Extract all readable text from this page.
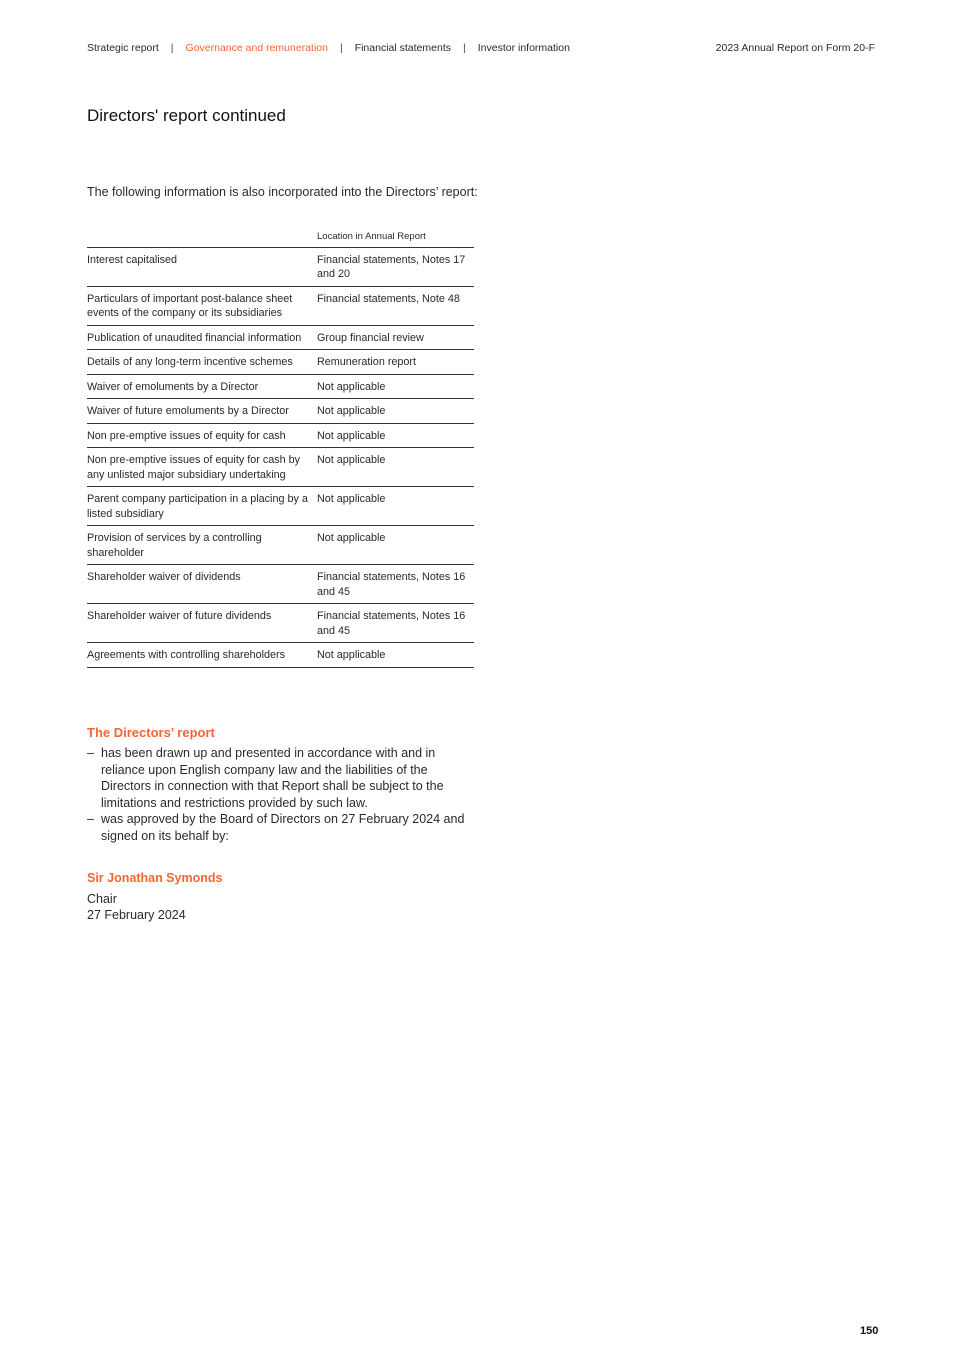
Strategic report | Governance and remuneration | Financial statements | Investor information	2023 Annual Report on Form 20-F
Directors' report continued

The following information is also incorporated into the Directors’ report:

	Location in Annual Report
Interest capitalised	Financial statements, Notes 17 and 20
Particulars of important post-balance sheet events of the company or its subsidiaries	Financial statements, Note 48
Publication of unaudited financial information	Group financial review
Details of any long-term incentive schemes	Remuneration report
Waiver of emoluments by a Director	Not applicable
Waiver of future emoluments by a Director	Not applicable
Non pre-emptive issues of equity for cash	Not applicable
Non pre-emptive issues of equity for cash by any unlisted major subsidiary undertaking	Not applicable
Parent company participation in a placing by a listed subsidiary	Not applicable
Provision of services by a controlling shareholder	Not applicable
Shareholder waiver of dividends	Financial statements, Notes 16 and 45
Shareholder waiver of future dividends	Financial statements, Notes 16 and 45
Agreements with controlling shareholders	Not applicable

The Directors’ report

– has been drawn up and presented in accordance with and in reliance upon English company law and the liabilities of the Directors in connection with that Report shall be subject to the limitations and restrictions provided by such law.
– was approved by the Board of Directors on 27 February 2024 and signed on its behalf by:

Sir Jonathan Symonds

Chair

27 February 2024

150
